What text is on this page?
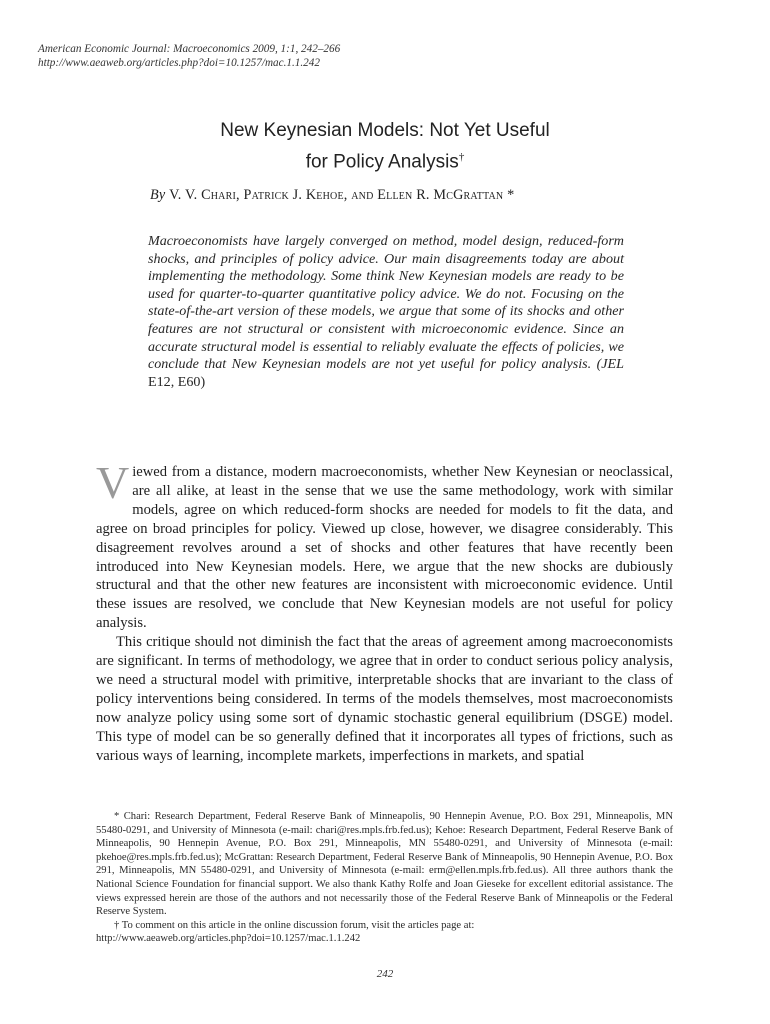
American Economic Journal: Macroeconomics 2009, 1:1, 242–266
http://www.aeaweb.org/articles.php?doi=10.1257/mac.1.1.242
New Keynesian Models: Not Yet Useful
for Policy Analysis†
By V. V. Chari, Patrick J. Kehoe, and Ellen R. McGrattan *
Macroeconomists have largely converged on method, model design, reduced-form shocks, and principles of policy advice. Our main disagreements today are about implementing the methodology. Some think New Keynesian models are ready to be used for quarter-to-quarter quantitative policy advice. We do not. Focusing on the state-of-the-art version of these models, we argue that some of its shocks and other features are not structural or consistent with microeconomic evidence. Since an accurate structural model is essential to reliably evaluate the effects of policies, we conclude that New Keynesian models are not yet useful for policy analysis. (JEL E12, E60)

Viewed from a distance, modern macroeconomists, whether New Keynesian or neoclassical, are all alike, at least in the sense that we use the same methodology, work with similar models, agree on which reduced-form shocks are needed for models to fit the data, and agree on broad principles for policy. Viewed up close, however, we disagree considerably. This disagreement revolves around a set of shocks and other features that have recently been introduced into New Keynesian models. Here, we argue that the new shocks are dubiously structural and that the other new features are inconsistent with microeconomic evidence. Until these issues are resolved, we conclude that New Keynesian models are not useful for policy analysis.

This critique should not diminish the fact that the areas of agreement among macroeconomists are significant. In terms of methodology, we agree that in order to conduct serious policy analysis, we need a structural model with primitive, interpretable shocks that are invariant to the class of policy interventions being considered. In terms of the models themselves, most macroeconomists now analyze policy using some sort of dynamic stochastic general equilibrium (DSGE) model. This type of model can be so generally defined that it incorporates all types of frictions, such as various ways of learning, incomplete markets, imperfections in markets, and spatial

* Chari: Research Department, Federal Reserve Bank of Minneapolis, 90 Hennepin Avenue, P.O. Box 291, Minneapolis, MN 55480-0291, and University of Minnesota (e-mail: chari@res.mpls.frb.fed.us); Kehoe: Research Department, Federal Reserve Bank of Minneapolis, 90 Hennepin Avenue, P.O. Box 291, Minneapolis, MN 55480-0291, and University of Minnesota (e-mail: pkehoe@res.mpls.frb.fed.us); McGrattan: Research Department, Federal Reserve Bank of Minneapolis, 90 Hennepin Avenue, P.O. Box 291, Minneapolis, MN 55480-0291, and University of Minnesota (e-mail: erm@ellen.mpls.frb.fed.us). All three authors thank the National Science Foundation for financial support. We also thank Kathy Rolfe and Joan Gieseke for excellent editorial assistance. The views expressed herein are those of the authors and not necessarily those of the Federal Reserve Bank of Minneapolis or the Federal Reserve System.

† To comment on this article in the online discussion forum, visit the articles page at:

http://www.aeaweb.org/articles.php?doi=10.1257/mac.1.1.242

242
